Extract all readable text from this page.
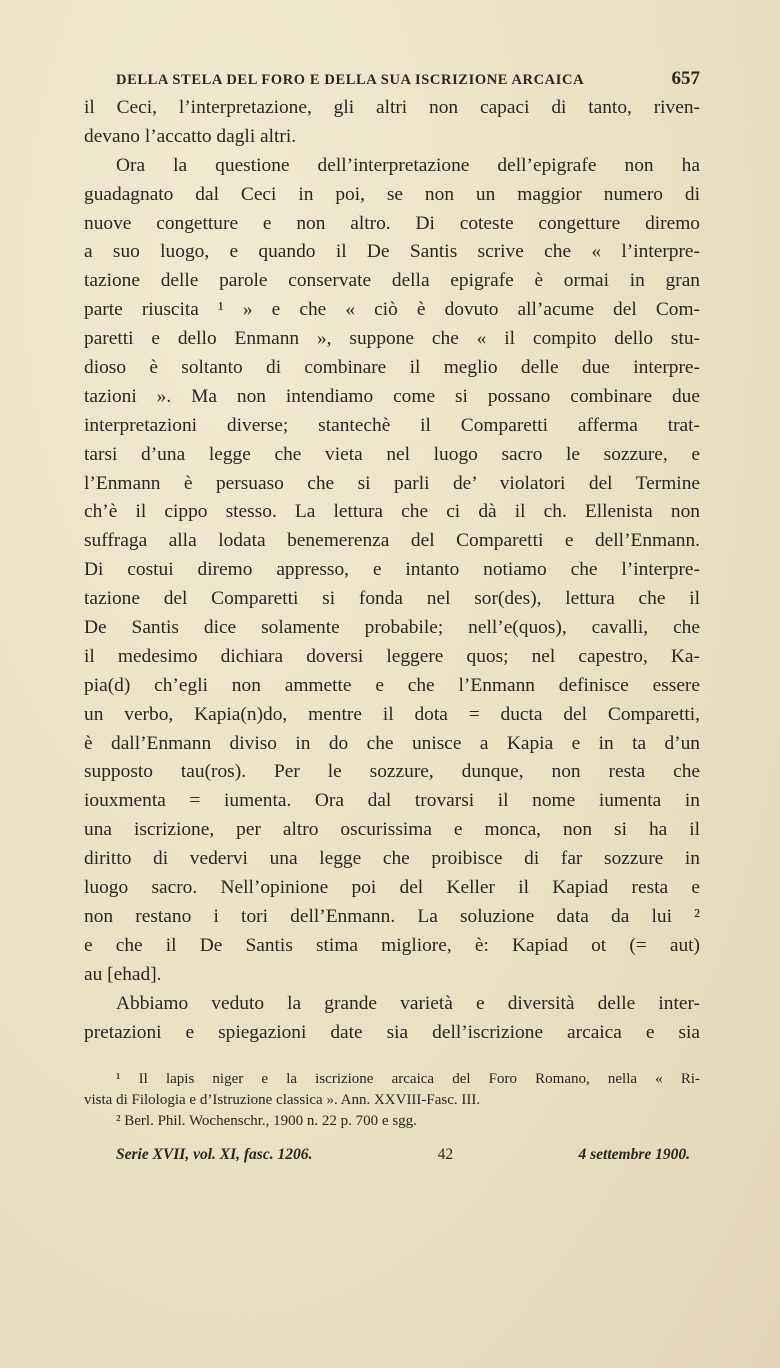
DELLA STELA DEL FORO E DELLA SUA ISCRIZIONE ARCAICA	657
il Ceci, l’interpretazione, gli altri non capaci di tanto, riven-
devano l’accatto dagli altri.
Ora la questione dell’interpretazione dell’epigrafe non ha
guadagnato dal Ceci in poi, se non un maggior numero di
nuove congetture e non altro. Di coteste congetture diremo
a suo luogo, e quando il De Santis scrive che « l’interpre-
tazione delle parole conservate della epigrafe è ormai in gran
parte riuscita ¹ » e che « ciò è dovuto all’acume del Com-
paretti e dello Enmann », suppone che « il compito dello stu-
dioso è soltanto di combinare il meglio delle due interpre-
tazioni ». Ma non intendiamo come si possano combinare due
interpretazioni diverse; stantechè il Comparetti afferma trat-
tarsi d’una legge che vieta nel luogo sacro le sozzure, e
l’Enmann è persuaso che si parli de’ violatori del Termine
ch’è il cippo stesso. La lettura che ci dà il ch. Ellenista non
suffraga alla lodata benemerenza del Comparetti e dell’Enmann.
Di costui diremo appresso, e intanto notiamo che l’interpre-
tazione del Comparetti si fonda nel sor(des), lettura che il
De Santis dice solamente probabile; nell’e(quos), cavalli, che
il medesimo dichiara doversi leggere quos; nel capestro, Ka-
pia(d) ch’egli non ammette e che l’Enmann definisce essere
un verbo, Kapia(n)do, mentre il dota = ducta del Comparetti,
è dall’Enmann diviso in do che unisce a Kapia e in ta d’un
supposto tau(ros). Per le sozzure, dunque, non resta che
iouxmenta = iumenta. Ora dal trovarsi il nome iumenta in
una iscrizione, per altro oscurissima e monca, non si ha il
diritto di vedervi una legge che proibisce di far sozzure in
luogo sacro. Nell’opinione poi del Keller il Kapiad resta e
non restano i tori dell’Enmann. La soluzione data da lui ²
e che il De Santis stima migliore, è: Kapiad ot (= aut)
au [ehad].
Abbiamo veduto la grande varietà e diversità delle inter-
pretazioni e spiegazioni date sia dell’iscrizione arcaica e sia
¹ Il lapis niger e la iscrizione arcaica del Foro Romano, nella « Ri-
vista di Filologia e d’Istruzione classica ». Ann. XXVIII-Fasc. III.
² Berl. Phil. Wochenschr., 1900 n. 22 p. 700 e sgg.
Serie XVII, vol. XI, fasc. 1206.	42	4 settembre 1900.
